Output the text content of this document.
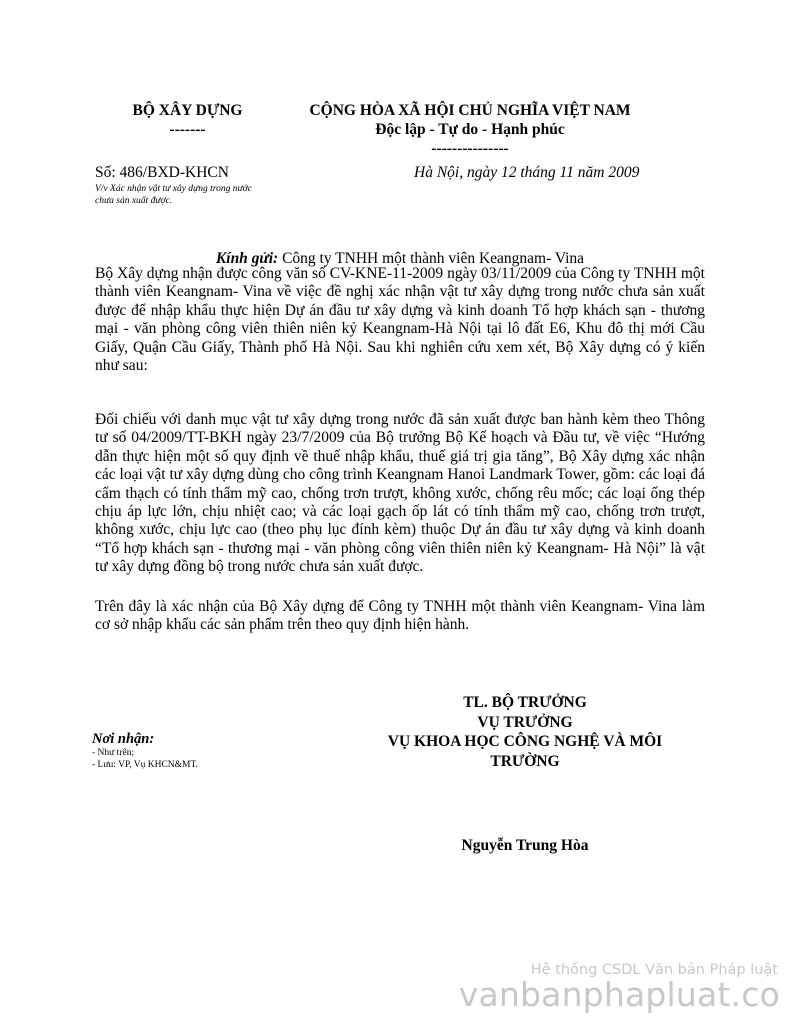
BỘ XÂY DỰNG
-------
CỘNG HÒA XÃ HỘI CHỦ NGHĨA VIỆT NAM
Độc lập - Tự do - Hạnh phúc
---------------
Số: 486/BXD-KHCN
V/v Xác nhận vật tư xây dựng trong nước
chưa sản xuất được.
Hà Nội, ngày 12 tháng 11 năm 2009
Kính gửi: Công ty TNHH một thành viên Keangnam- Vina

Bộ Xây dựng nhận được công văn số CV-KNE-11-2009 ngày 03/11/2009 của Công ty TNHH một thành viên Keangnam- Vina về việc đề nghị xác nhận vật tư xây dựng trong nước chưa sản xuất được để nhập khẩu thực hiện Dự án đầu tư xây dựng và kinh doanh Tổ hợp khách sạn - thương mại - văn phòng công viên thiên niên kỷ Keangnam-Hà Nội tại lô đất E6, Khu đô thị mới Cầu Giấy, Quận Cầu Giấy, Thành phố Hà Nội. Sau khi nghiên cứu xem xét, Bộ Xây dựng có ý kiến như sau:

Đối chiếu với danh mục vật tư xây dựng trong nước đã sản xuất được ban hành kèm theo Thông tư số 04/2009/TT-BKH ngày 23/7/2009 của Bộ trưởng Bộ Kế hoạch và Đầu tư, về việc “Hướng dẫn thực hiện một số quy định về thuế nhập khẩu, thuế giá trị gia tăng”, Bộ Xây dựng xác nhận các loại vật tư xây dựng dùng cho công trình Keangnam Hanoi Landmark Tower, gồm: các loại đá cẩm thạch có tính thẩm mỹ cao, chống trơn trượt, không xước, chống rêu mốc; các loại ống thép chịu áp lực lớn, chịu nhiệt cao; và các loại gạch ốp lát có tính thẩm mỹ cao, chống trơn trượt, không xước, chịu lực cao (theo phụ lục đính kèm) thuộc Dự án đầu tư xây dựng và kinh doanh “Tổ hợp khách sạn - thương mại - văn phòng công viên thiên niên kỷ Keangnam- Hà Nội” là vật tư xây dựng đồng bộ trong nước chưa sản xuất được.

Trên đây là xác nhận của Bộ Xây dựng để Công ty TNHH một thành viên Keangnam- Vina làm cơ sở nhập khẩu các sản phẩm trên theo quy định hiện hành.

TL. BỘ TRƯỞNG
VỤ TRƯỞNG
VỤ KHOA HỌC CÔNG NGHỆ VÀ MÔI
TRƯỜNG
Nguyễn Trung Hòa
Nơi nhận:
- Như trên;
- Lưu: VP, Vụ KHCN&MT.
Hệ thống CSDL Văn bản Pháp luật
vanbanphapluat.co
